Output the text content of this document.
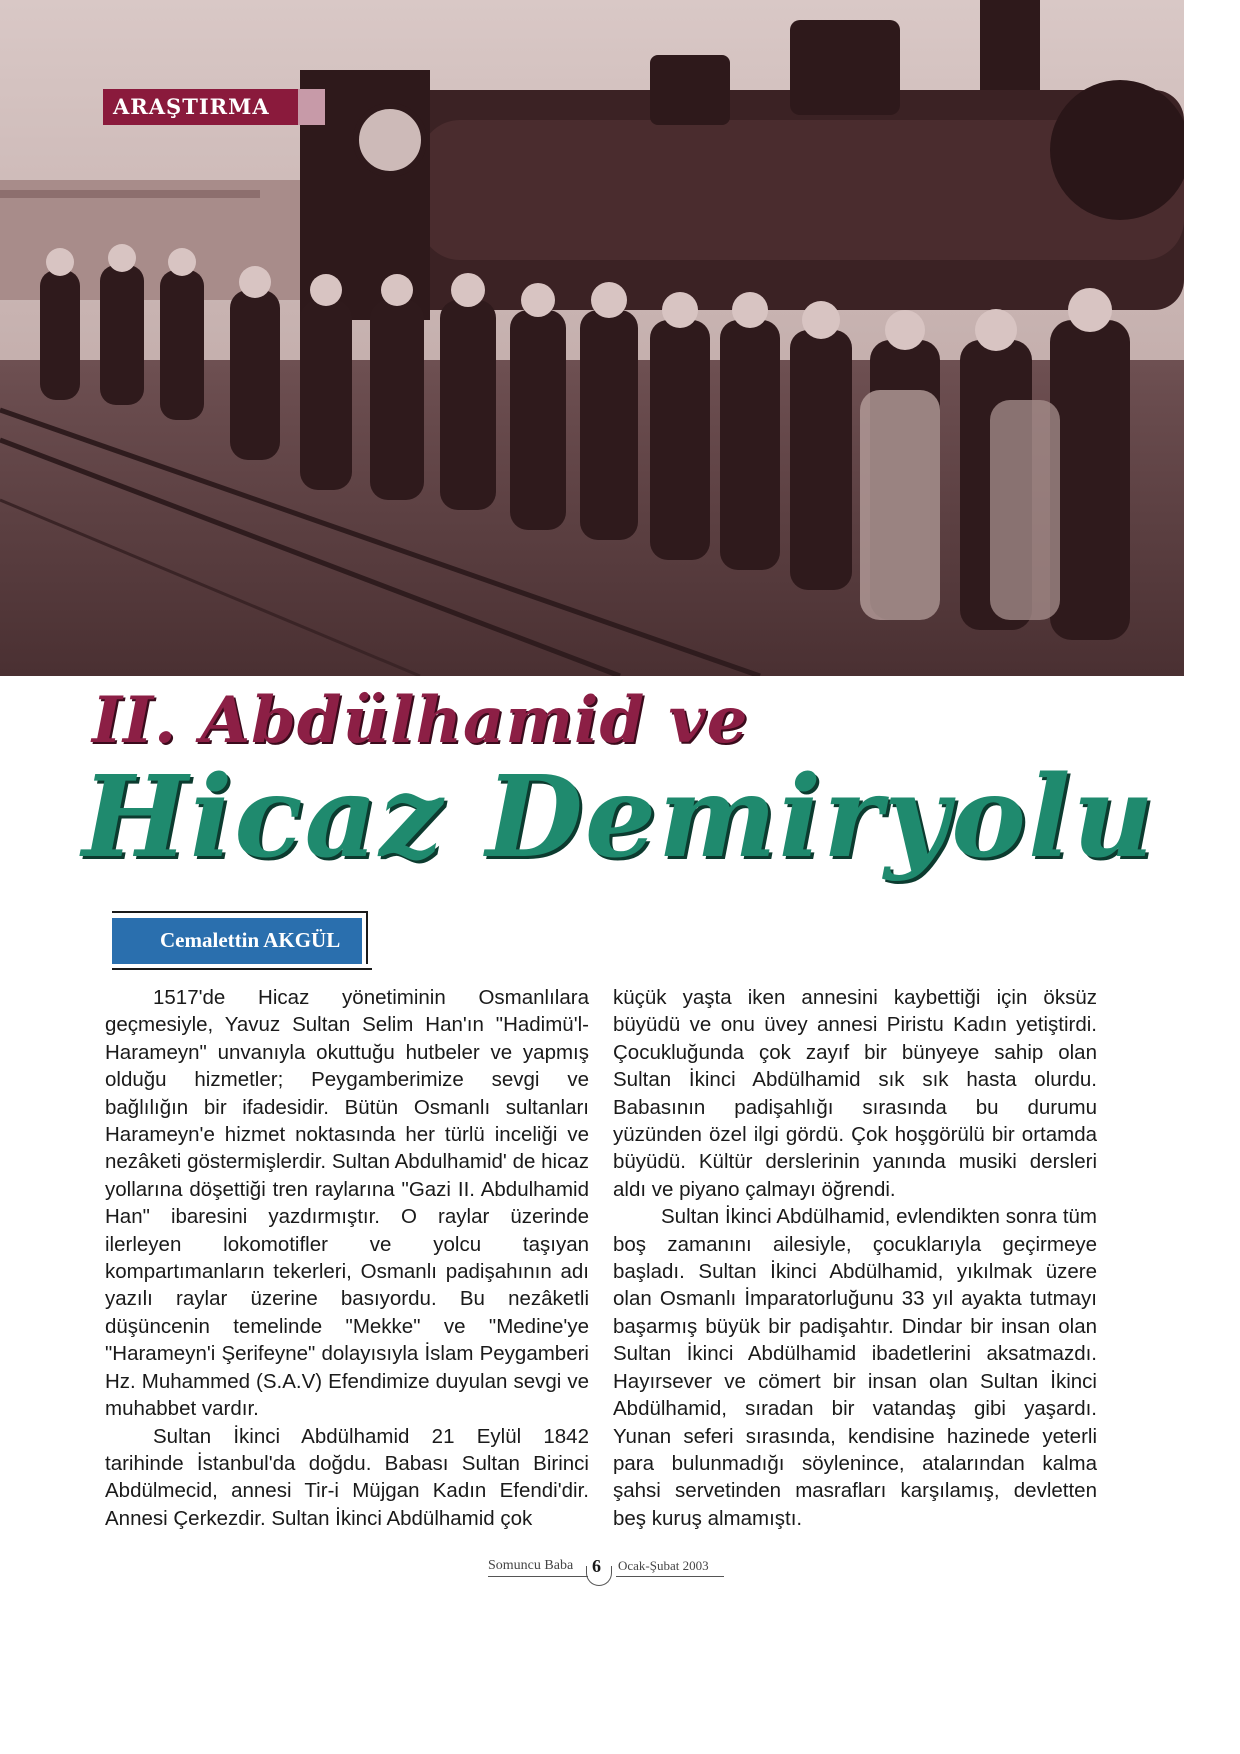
ARAŞTIRMA
II. Abdülhamid ve
Hicaz Demiryolu
Cemalettin AKGÜL

1517'de Hicaz yönetiminin Osmanlılara geçmesiyle, Yavuz Sultan Selim Han'ın "Hadimü'l-Harameyn" unvanıyla okuttuğu hutbeler ve yapmış olduğu hizmetler; Peygamberimize sevgi ve bağlılığın bir ifadesidir. Bütün Osmanlı sultanları Harameyn'e hizmet noktasında her türlü inceliği ve nezâketi göstermişlerdir. Sultan Abdulhamid' de hicaz yollarına döşettiği tren raylarına "Gazi II. Abdulhamid Han" ibaresini yazdırmıştır. O raylar üzerinde ilerleyen lokomotifler ve yolcu taşıyan kompartımanların tekerleri, Osmanlı padişahının adı yazılı raylar üzerine basıyordu. Bu nezâketli düşüncenin temelinde "Mekke" ve "Medine'ye "Harameyn'i Şerifeyne" dolayısıyla İslam Peygamberi Hz. Muhammed (S.A.V) Efendimize duyulan sevgi ve muhabbet vardır.

Sultan İkinci Abdülhamid 21 Eylül 1842 tarihinde İstanbul'da doğdu. Babası Sultan Birinci Abdülmecid, annesi Tir-i Müjgan Kadın Efendi'dir. Annesi Çerkezdir. Sultan İkinci Abdülhamid çok

küçük yaşta iken annesini kaybettiği için öksüz büyüdü ve onu üvey annesi Piristu Kadın yetiştirdi. Çocukluğunda çok zayıf bir bünyeye sahip olan Sultan İkinci Abdülhamid sık sık hasta olurdu. Babasının padişahlığı sırasında bu durumu yüzünden özel ilgi gördü. Çok hoşgörülü bir ortamda büyüdü. Kültür derslerinin yanında musiki dersleri aldı ve piyano çalmayı öğrendi.

Sultan İkinci Abdülhamid, evlendikten sonra tüm boş zamanını ailesiyle, çocuklarıyla geçirmeye başladı. Sultan İkinci Abdülhamid, yıkılmak üzere olan Osmanlı İmparatorluğunu 33 yıl ayakta tutmayı başarmış büyük bir padişahtır. Dindar bir insan olan Sultan İkinci Abdülhamid ibadetlerini aksatmazdı. Hayırsever ve cömert bir insan olan Sultan İkinci Abdülhamid, sıradan bir vatandaş gibi yaşardı. Yunan seferi sırasında, kendisine hazinede yeterli para bulunmadığı söylenince, atalarından kalma şahsi servetinden masrafları karşılamış, devletten beş kuruş almamıştı.

Somuncu Baba 6 Ocak-Şubat 2003
